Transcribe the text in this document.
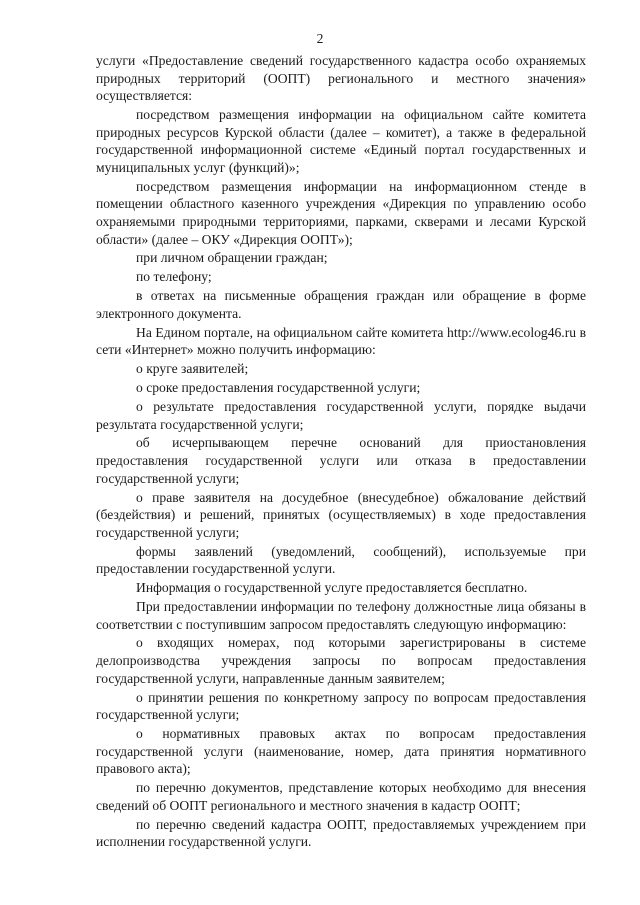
2

услуги «Предоставление сведений государственного кадастра особо охраняемых природных территорий (ООПТ) регионального и местного значения» осуществляется:

посредством размещения информации на официальном сайте комитета природных ресурсов Курской области (далее – комитет), а также в федеральной государственной информационной системе «Единый портал государственных и муниципальных услуг (функций)»;

посредством размещения информации на информационном стенде в помещении областного казенного учреждения «Дирекция по управлению особо охраняемыми природными территориями, парками, скверами и лесами Курской области» (далее – ОКУ «Дирекция ООПТ»);

при личном обращении граждан;

по телефону;

в ответах на письменные обращения граждан или обращение в форме электронного документа.

На Едином портале, на официальном сайте комитета http://www.ecolog46.ru в сети «Интернет» можно получить информацию:

о круге заявителей;

о сроке предоставления государственной услуги;

о результате предоставления государственной услуги, порядке выдачи результата государственной услуги;

об исчерпывающем перечне оснований для приостановления предоставления государственной услуги или отказа в предоставлении государственной услуги;

о праве заявителя на досудебное (внесудебное) обжалование действий (бездействия) и решений, принятых (осуществляемых) в ходе предоставления государственной услуги;

формы заявлений (уведомлений, сообщений), используемые при предоставлении государственной услуги.

Информация о государственной услуге предоставляется бесплатно.

При предоставлении информации по телефону должностные лица обязаны в соответствии с поступившим запросом предоставлять следующую информацию:

о входящих номерах, под которыми зарегистрированы в системе делопроизводства учреждения запросы по вопросам предоставления государственной услуги, направленные данным заявителем;

о принятии решения по конкретному запросу по вопросам предоставления государственной услуги;

о нормативных правовых актах по вопросам предоставления государственной услуги (наименование, номер, дата принятия нормативного правового акта);

по перечню документов, представление которых необходимо для внесения сведений об ООПТ регионального и местного значения в кадастр ООПТ;

по перечню сведений кадастра ООПТ, предоставляемых учреждением при исполнении государственной услуги.
